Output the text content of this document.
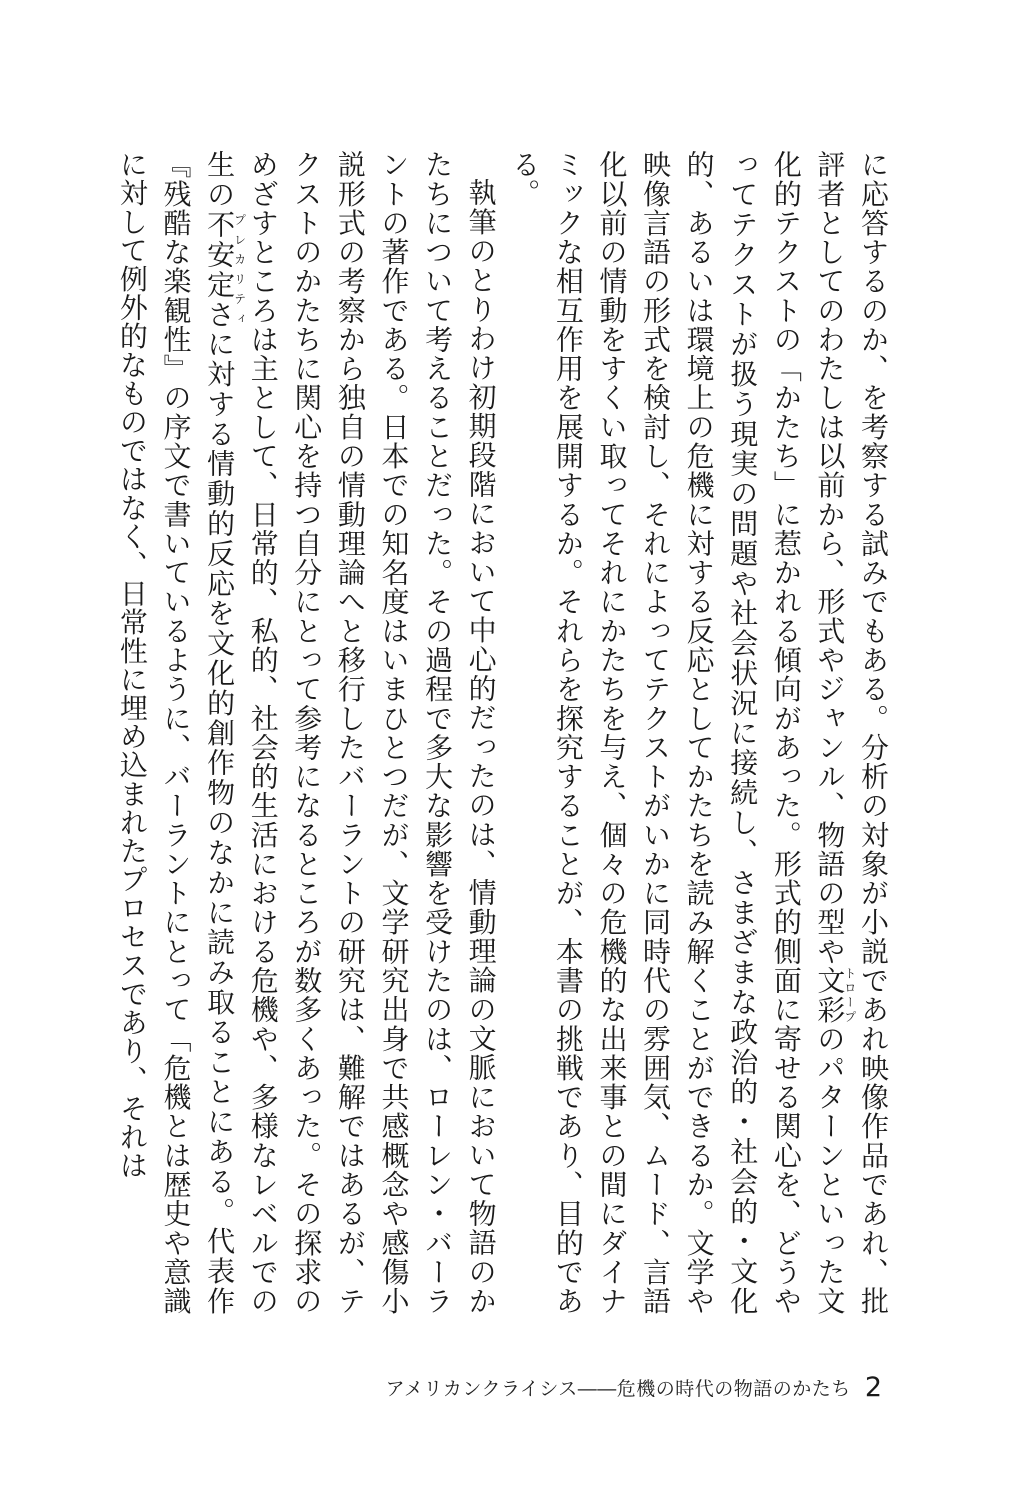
に応答するのか、を考察する試みでもある。分析の対象が小説であれ映像作品であれ、批評者としてのわたしは以前から、形式やジャンル、物語の型や文彩トロープのパターンといった文化的テクストの「かたち」に惹かれる傾向があった。形式的側面に寄せる関心を、どうやってテクストが扱う現実の問題や社会状況に接続し、さまざまな政治的・社会的・文化的、あるいは環境上の危機に対する反応としてかたちを読み解くことができるか。文学や映像言語の形式を検討し、それによってテクストがいかに同時代の雰囲気、ムード、言語化以前の情動をすくい取ってそれにかたちを与え、個々の危機的な出来事との間にダイナミックな相互作用を展開するか。それらを探究することが、本書の挑戦であり、目的である。

執筆のとりわけ初期段階において中心的だったのは、情動理論の文脈において物語のかたちについて考えることだった。その過程で多大な影響を受けたのは、ローレン・バーラントの著作である。日本での知名度はいまひとつだが、文学研究出身で共感概念や感傷小説形式の考察から独自の情動理論へと移行したバーラントの研究は、難解ではあるが、テクストのかたちに関心を持つ自分にとって参考になるところが数多くあった。その探求のめざすところは主として、日常的、私的、社会的生活における危機や、多様なレベルでの生の不安定さプレカリティに対する情動的反応を文化的創作物のなかに読み取ることにある。代表作『残酷な楽観性』の序文で書いているように、バーラントにとって「危機とは歴史や意識に対して例外的なものではなく、日常性に埋め込まれたプロセスであり、それは

アメリカンクライシス――危機の時代の物語のかたち 2
